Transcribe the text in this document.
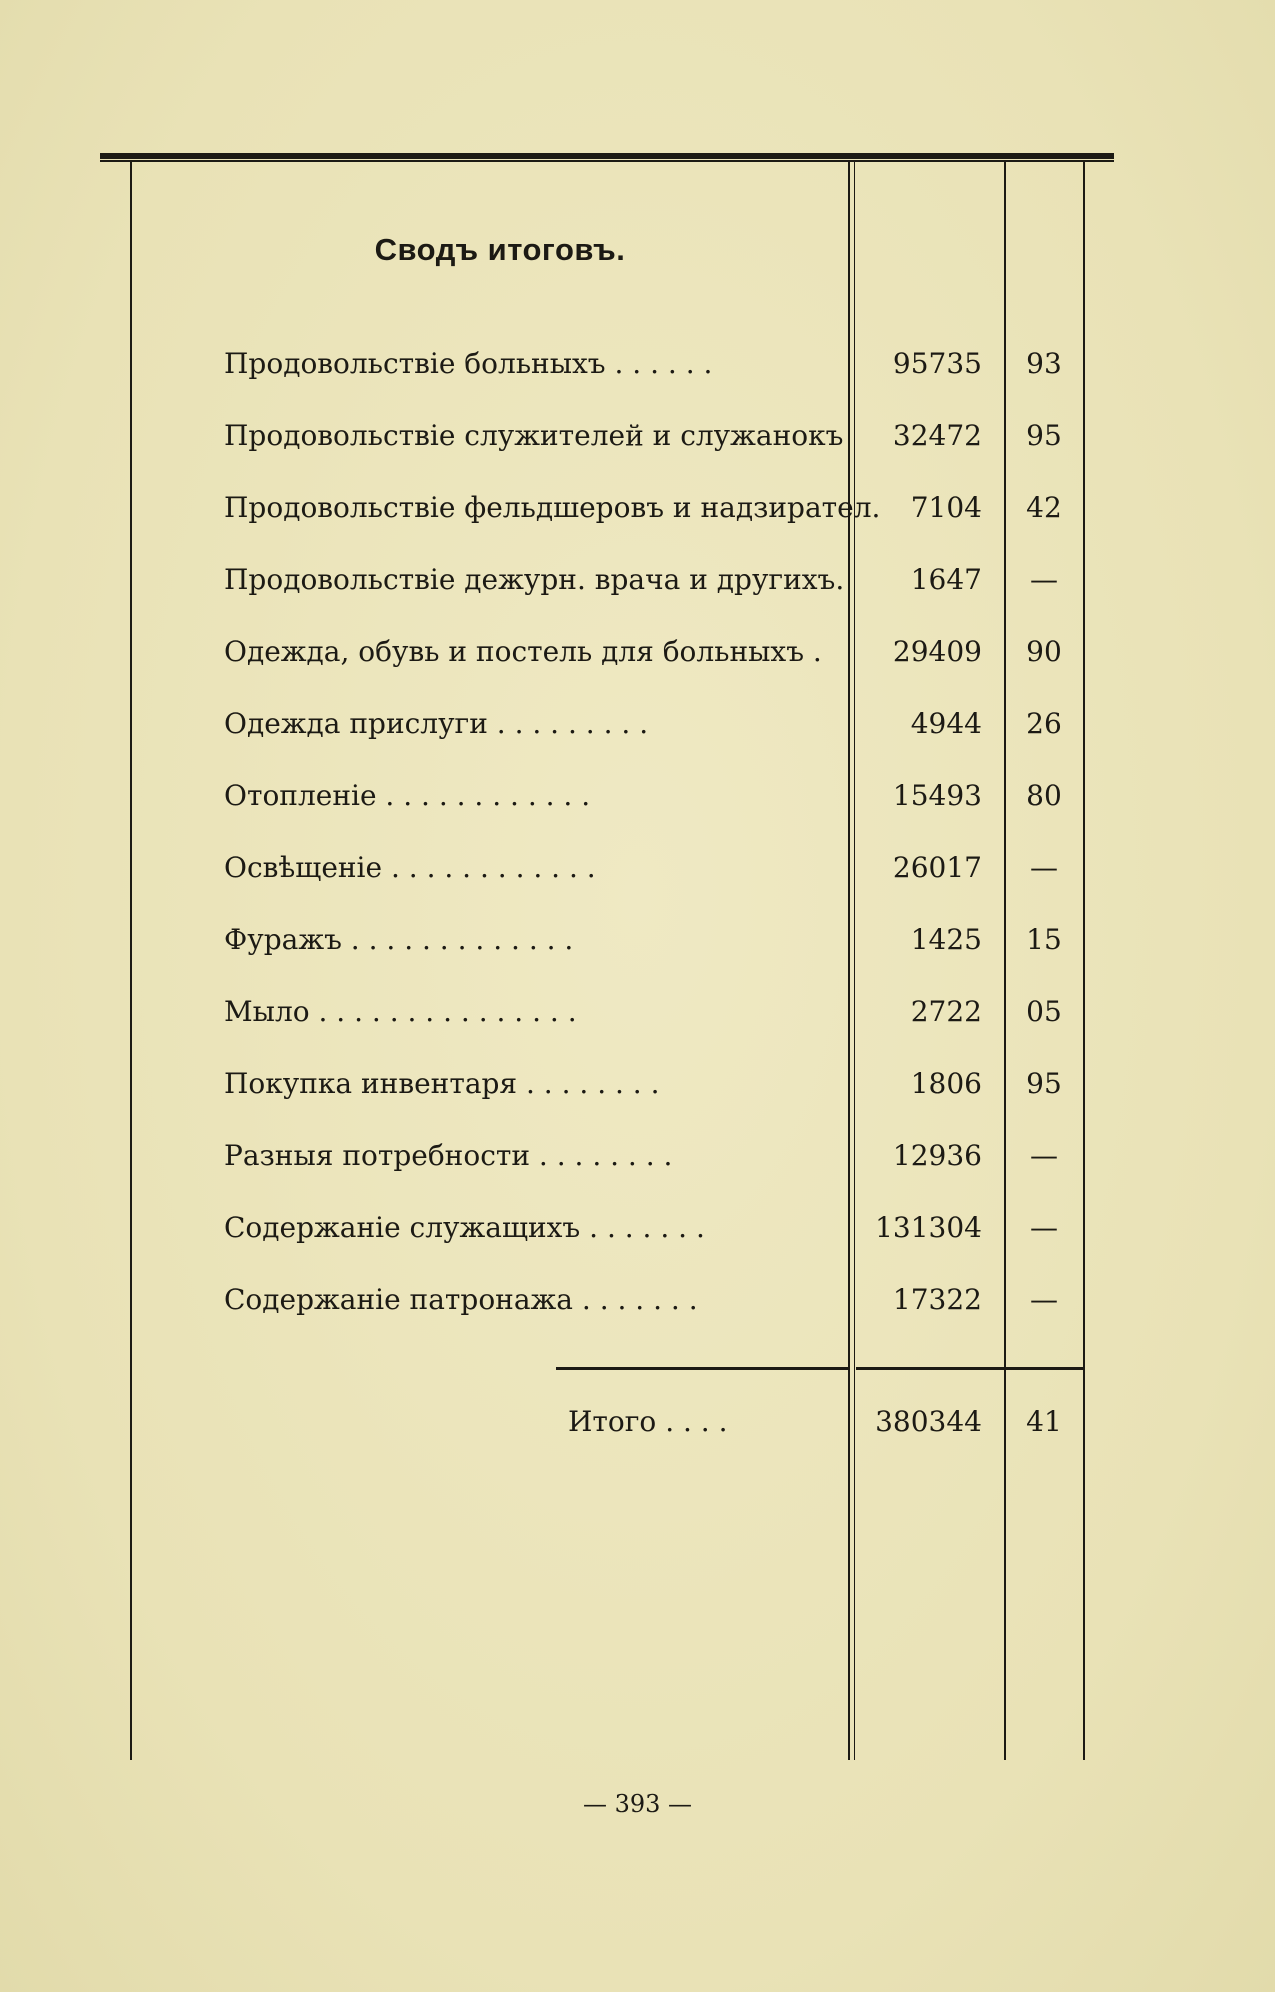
Сводъ итоговъ.
Продовольствіе больныхъ . . . . . .	95735	93
Продовольствіе служителей и служанокъ	32472	95
Продовольствіе фельдшеровъ и надзирател.	7104	42
Продовольствіе дежурн. врача и другихъ.	1647	—
Одежда, обувь и постель для больныхъ .	29409	90
Одежда прислуги . . . . . . . . .	4944	26
Отопленіе . . . . . . . . . . . .	15493	80
Освѣщеніе . . . . . . . . . . . .	26017	—
Фуражъ . . . . . . . . . . . . .	1425	15
Мыло . . . . . . . . . . . . . . .	2722	05
Покупка инвентаря . . . . . . . .	1806	95
Разныя потребности . . . . . . . .	12936	—
Содержаніе служащихъ . . . . . . .	131304	—
Содержаніе патронажа . . . . . . .	17322	—
Итого . . . .	380344	41
— 393 —
